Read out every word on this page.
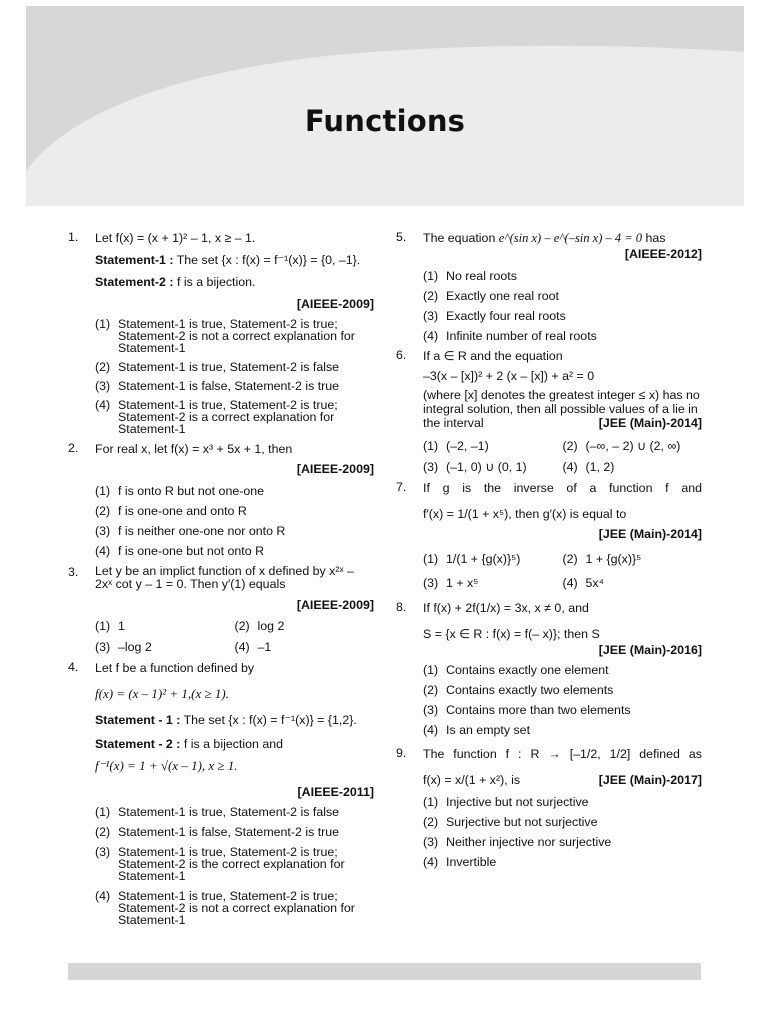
Functions
1. Let f(x) = (x + 1)² – 1, x ≥ – 1.
Statement-1 : The set {x : f(x) = f⁻¹(x)} = {0, –1}.
Statement-2 : f is a bijection.
[AIEEE-2009]
(1) Statement-1 is true, Statement-2 is true; Statement-2 is not a correct explanation for Statement-1
(2) Statement-1 is true, Statement-2 is false
(3) Statement-1 is false, Statement-2 is true
(4) Statement-1 is true, Statement-2 is true; Statement-2 is a correct explanation for Statement-1
2. For real x, let f(x) = x³ + 5x + 1, then
[AIEEE-2009]
(1) f is onto R but not one-one
(2) f is one-one and onto R
(3) f is neither one-one nor onto R
(4) f is one-one but not onto R
3. Let y be an implict function of x defined by x²ˣ – 2xˣ cot y – 1 = 0. Then y′(1) equals
[AIEEE-2009]
(1) 1	(2) log 2
(3) –log 2	(4) –1
4. Let f be a function defined by
f(x) = (x – 1)² + 1,(x ≥ 1).
Statement - 1 : The set {x : f(x) = f⁻¹(x)} = {1,2}.
Statement - 2 : f is a bijection and
f⁻¹(x) = 1 + √(x – 1), x ≥ 1.
[AIEEE-2011]
(1) Statement-1 is true, Statement-2 is false
(2) Statement-1 is false, Statement-2 is true
(3) Statement-1 is true, Statement-2 is true; Statement-2 is the correct explanation for Statement-1
(4) Statement-1 is true, Statement-2 is true; Statement-2 is not a correct explanation for Statement-1
5. The equation e^(sin x) – e^(–sin x) – 4 = 0 has
[AIEEE-2012]
(1) No real roots
(2) Exactly one real root
(3) Exactly four real roots
(4) Infinite number of real roots
6. If a ∈ R and the equation
–3(x – [x])² + 2 (x – [x]) + a² = 0
(where [x] denotes the greatest integer ≤ x) has no integral solution, then all possible values of a lie in the interval	[JEE (Main)-2014]
(1) (–2, –1)	(2) (–∞, – 2) ∪ (2, ∞)
(3) (–1, 0) ∪ (0, 1)	(4) (1, 2)
7. If g is the inverse of a function f and
f′(x) = 1/(1 + x⁵), then g′(x) is equal to
[JEE (Main)-2014]
(1) 1/(1 + {g(x)}⁵)	(2) 1 + {g(x)}⁵
(3) 1 + x⁵	(4) 5x⁴
8. If f(x) + 2f(1/x) = 3x, x ≠ 0, and
S = {x ∈ R : f(x) = f(– x)}; then S
[JEE (Main)-2016]
(1) Contains exactly one element
(2) Contains exactly two elements
(3) Contains more than two elements
(4) Is an empty set
9. The function f : R → [–1/2, 1/2] defined as
f(x) = x/(1 + x²), is	[JEE (Main)-2017]
(1) Injective but not surjective
(2) Surjective but not surjective
(3) Neither injective nor surjective
(4) Invertible
